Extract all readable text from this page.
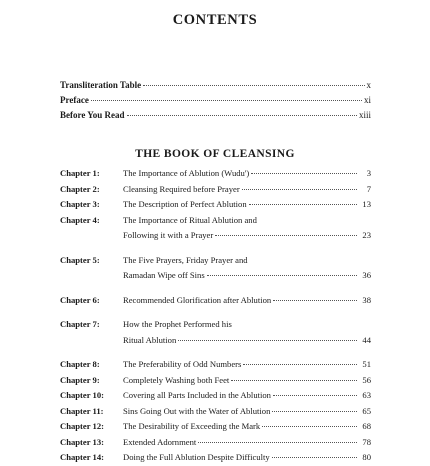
CONTENTS
Transliteration Table	x
Preface	xi
Before You Read	xiii
THE BOOK OF CLEANSING
Chapter 1:	The Importance of Ablution (Wudu')	3
Chapter 2:	Cleansing Required before Prayer	7
Chapter 3:	The Description of Perfect Ablution	13
Chapter 4:	The Importance of Ritual Ablution and
Following it with a Prayer	23
Chapter 5:	The Five Prayers, Friday Prayer and
Ramadan Wipe off Sins	36
Chapter 6:	Recommended Glorification after Ablution	38
Chapter 7:	How the Prophet Performed his
Ritual Ablution	44
Chapter 8:	The Preferability of Odd Numbers	51
Chapter 9:	Completely Washing both Feet	56
Chapter 10:	Covering all Parts Included in the Ablution	63
Chapter 11:	Sins Going Out with the Water of Ablution	65
Chapter 12:	The Desirability of Exceeding the Mark	68
Chapter 13:	Extended Adornment	78
Chapter 14:	Doing the Full Ablution Despite Difficulty	80
